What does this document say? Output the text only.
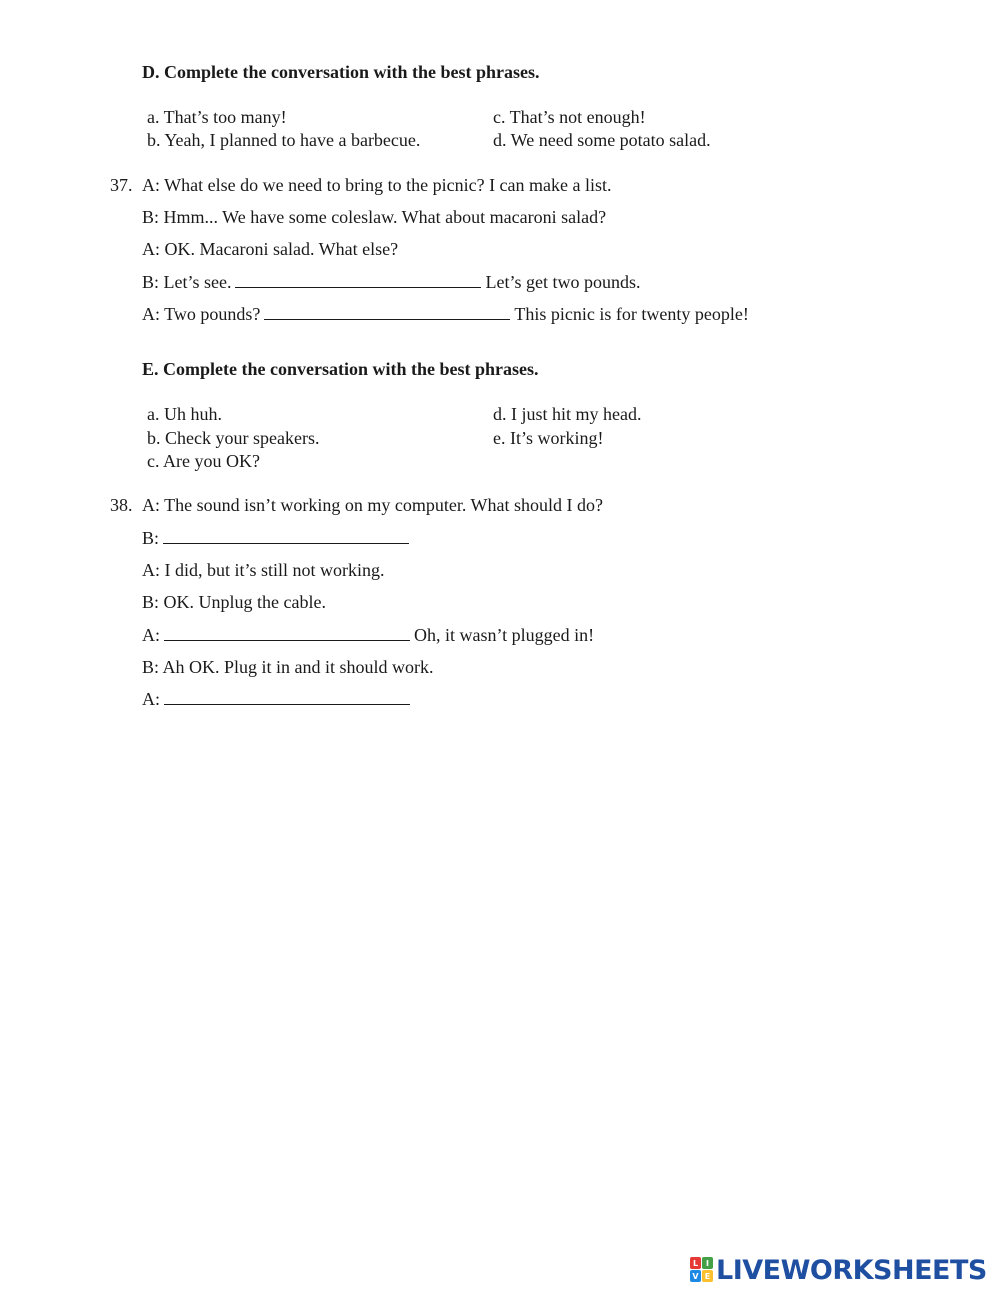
D. Complete the conversation with the best phrases.
a. That’s too many!
b. Yeah, I planned to have a barbecue.
c. That’s not enough!
d. We need some potato salad.
37. A: What else do we need to bring to the picnic? I can make a list.
B: Hmm... We have some coleslaw. What about macaroni salad?
A: OK. Macaroni salad. What else?
B: Let’s see.	Let’s get two pounds.
A: Two pounds?	This picnic is for twenty people!
E. Complete the conversation with the best phrases.
a. Uh huh.
b. Check your speakers.
c. Are you OK?
d. I just hit my head.
e. It’s working!
38. A: The sound isn’t working on my computer. What should I do?
B:
A: I did, but it’s still not working.
B: OK. Unplug the cable.
A:	Oh, it wasn’t plugged in!
B: Ah OK. Plug it in and it should work.
A:
L I
V E LIVEWORKSHEETS
